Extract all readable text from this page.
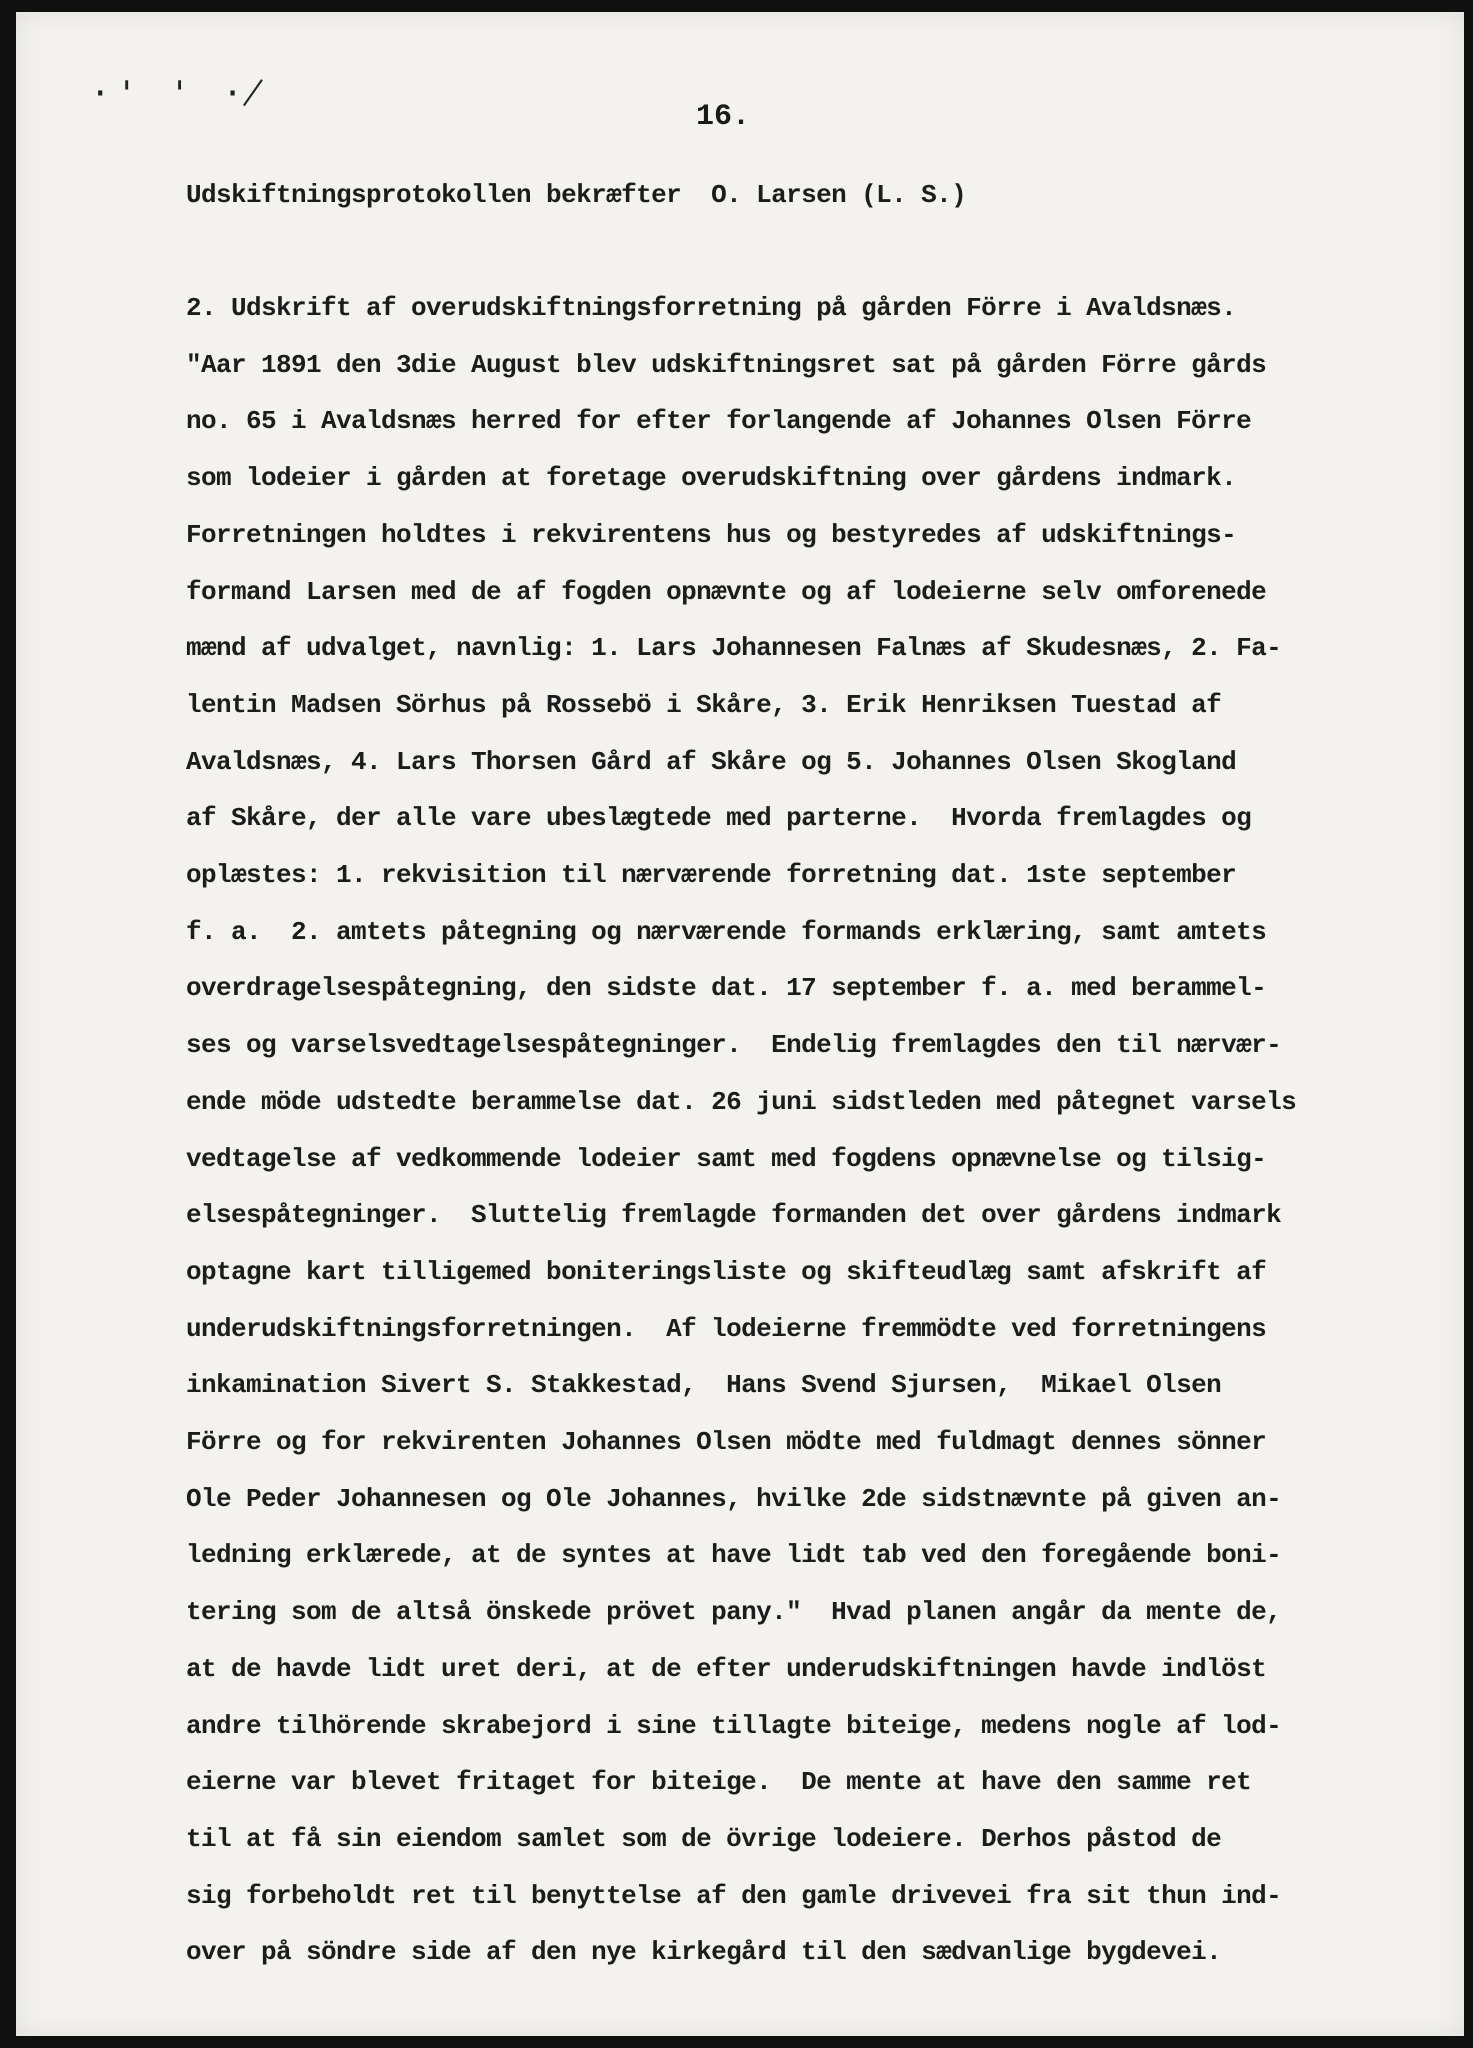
·' ' ·̸
16.
Udskiftningsprotokollen bekræfter  O. Larsen (L. S.)
2. Udskrift af overudskiftningsforretning på gården Förre i Avaldsnæs.
"Aar 1891 den 3die August blev udskiftningsret sat på gården Förre gårds
no. 65 i Avaldsnæs herred for efter forlangende af Johannes Olsen Förre
som lodeier i gården at foretage overudskiftning over gårdens indmark.
Forretningen holdtes i rekvirentens hus og bestyredes af udskiftnings-
formand Larsen med de af fogden opnævnte og af lodeierne selv omforenede
mænd af udvalget, navnlig: 1. Lars Johannesen Falnæs af Skudesnæs, 2. Fa-
lentin Madsen Sörhus på Rossebö i Skåre, 3. Erik Henriksen Tuestad af
Avaldsnæs, 4. Lars Thorsen Gård af Skåre og 5. Johannes Olsen Skogland
af Skåre, der alle vare ubeslægtede med parterne.  Hvorda fremlagdes og
oplæstes: 1. rekvisition til nærværende forretning dat. 1ste september
f. a.  2. amtets påtegning og nærværende formands erklæring, samt amtets
overdragelsespåtegning, den sidste dat. 17 september f. a. med berammel-
ses og varselsvedtagelsespåtegninger.  Endelig fremlagdes den til nærvær-
ende möde udstedte berammelse dat. 26 juni sidstleden med påtegnet varsels
vedtagelse af vedkommende lodeier samt med fogdens opnævnelse og tilsig-
elsespåtegninger.  Sluttelig fremlagde formanden det over gårdens indmark
optagne kart tilligemed boniteringsliste og skifteudlæg samt afskrift af
underudskiftningsforretningen.  Af lodeierne fremmödte ved forretningens
inkamination Sivert S. Stakkestad,  Hans Svend Sjursen,  Mikael Olsen
Förre og for rekvirenten Johannes Olsen mödte med fuldmagt dennes sönner
Ole Peder Johannesen og Ole Johannes, hvilke 2de sidstnævnte på given an-
ledning erklærede, at de syntes at have lidt tab ved den foregående boni-
tering som de altså önskede prövet pany."  Hvad planen angår da mente de,
at de havde lidt uret deri, at de efter underudskiftningen havde indlöst
andre tilhörende skrabejord i sine tillagte biteige, medens nogle af lod-
eierne var blevet fritaget for biteige.  De mente at have den samme ret
til at få sin eiendom samlet som de övrige lodeiere. Derhos påstod de
sig forbeholdt ret til benyttelse af den gamle drivevei fra sit thun ind-
over på söndre side af den nye kirkegård til den sædvanlige bygdevei.
